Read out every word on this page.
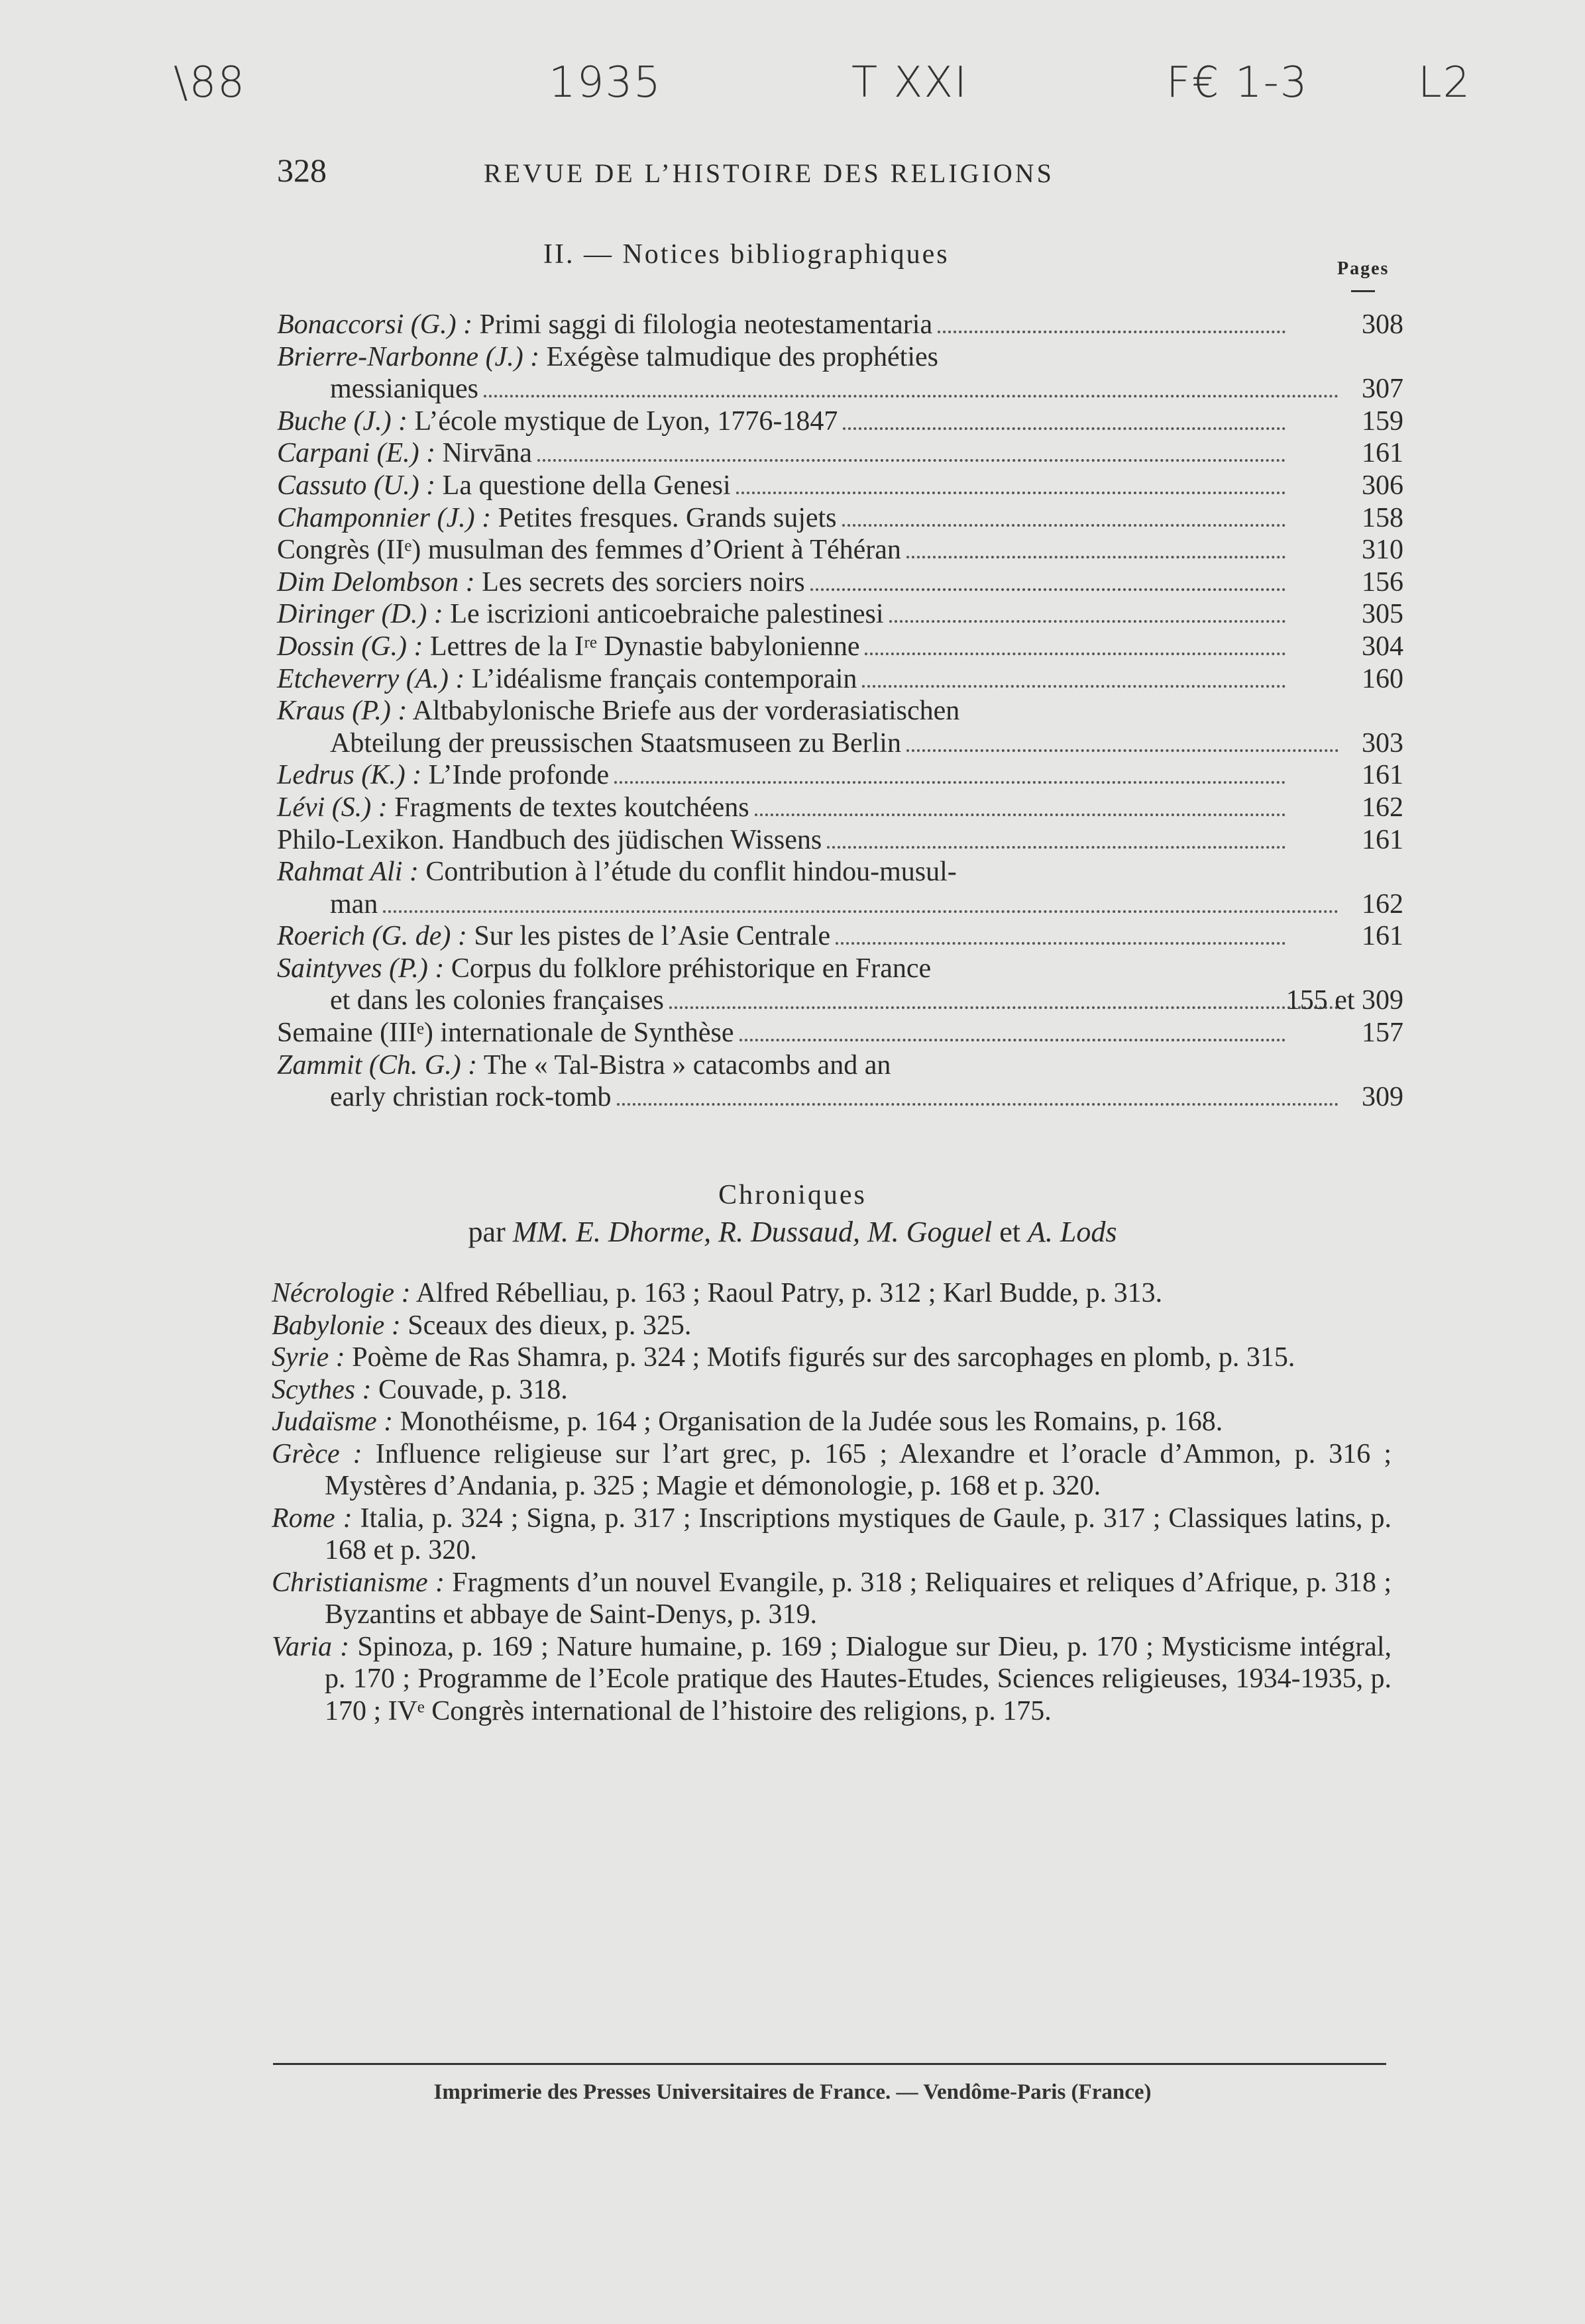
\88	1935	T XXI	F€ 1-3	L2
328	REVUE DE L’HISTOIRE DES RELIGIONS
II. — Notices bibliographiques	Pages
Bonaccorsi (G.) : Primi saggi di filologia neotestamentaria	308
Brierre-Narbonne (J.) : Exégèse talmudique des prophéties
messianiques	307
Buche (J.) : L’école mystique de Lyon, 1776-1847	159
Carpani (E.) : Nirvāna	161
Cassuto (U.) : La questione della Genesi	306
Champonnier (J.) : Petites fresques. Grands sujets	158
Congrès (IIᵉ) musulman des femmes d’Orient à Téhéran	310
Dim Delombson : Les secrets des sorciers noirs	156
Diringer (D.) : Le iscrizioni anticoebraiche palestinesi	305
Dossin (G.) : Lettres de la Iʳᵉ Dynastie babylonienne	304
Etcheverry (A.) : L’idéalisme français contemporain	160
Kraus (P.) : Altbabylonische Briefe aus der vorderasiatischen
Abteilung der preussischen Staatsmuseen zu Berlin	303
Ledrus (K.) : L’Inde profonde	161
Lévi (S.) : Fragments de textes koutchéens	162
Philo-Lexikon. Handbuch des jüdischen Wissens	161
Rahmat Ali : Contribution à l’étude du conflit hindou-musul-
man	162
Roerich (G. de) : Sur les pistes de l’Asie Centrale	161
Saintyves (P.) : Corpus du folklore préhistorique en France
et dans les colonies françaises	155 et 309
Semaine (IIIᵉ) internationale de Synthèse	157
Zammit (Ch. G.) : The « Tal-Bistra » catacombs and an
early christian rock-tomb	309
Chroniques
par MM. E. Dhorme, R. Dussaud, M. Goguel et A. Lods
Nécrologie : Alfred Rébelliau, p. 163 ; Raoul Patry, p. 312 ; Karl Budde, p. 313.
Babylonie : Sceaux des dieux, p. 325.
Syrie : Poème de Ras Shamra, p. 324 ; Motifs figurés sur des sarcophages en plomb, p. 315.
Scythes : Couvade, p. 318.
Judaïsme : Monothéisme, p. 164 ; Organisation de la Judée sous les Romains, p. 168.
Grèce : Influence religieuse sur l’art grec, p. 165 ; Alexandre et l’oracle d’Ammon, p. 316 ; Mystères d’Andania, p. 325 ; Magie et démonologie, p. 168 et p. 320.
Rome : Italia, p. 324 ; Signa, p. 317 ; Inscriptions mystiques de Gaule, p. 317 ; Classiques latins, p. 168 et p. 320.
Christianisme : Fragments d’un nouvel Evangile, p. 318 ; Reliquaires et reliques d’Afrique, p. 318 ; Byzantins et abbaye de Saint-Denys, p. 319.
Varia : Spinoza, p. 169 ; Nature humaine, p. 169 ; Dialogue sur Dieu, p. 170 ; Mysticisme intégral, p. 170 ; Programme de l’Ecole pratique des Hautes-Etudes, Sciences religieuses, 1934-1935, p. 170 ; IVᵉ Congrès international de l’histoire des religions, p. 175.
Imprimerie des Presses Universitaires de France. — Vendôme-Paris (France)
